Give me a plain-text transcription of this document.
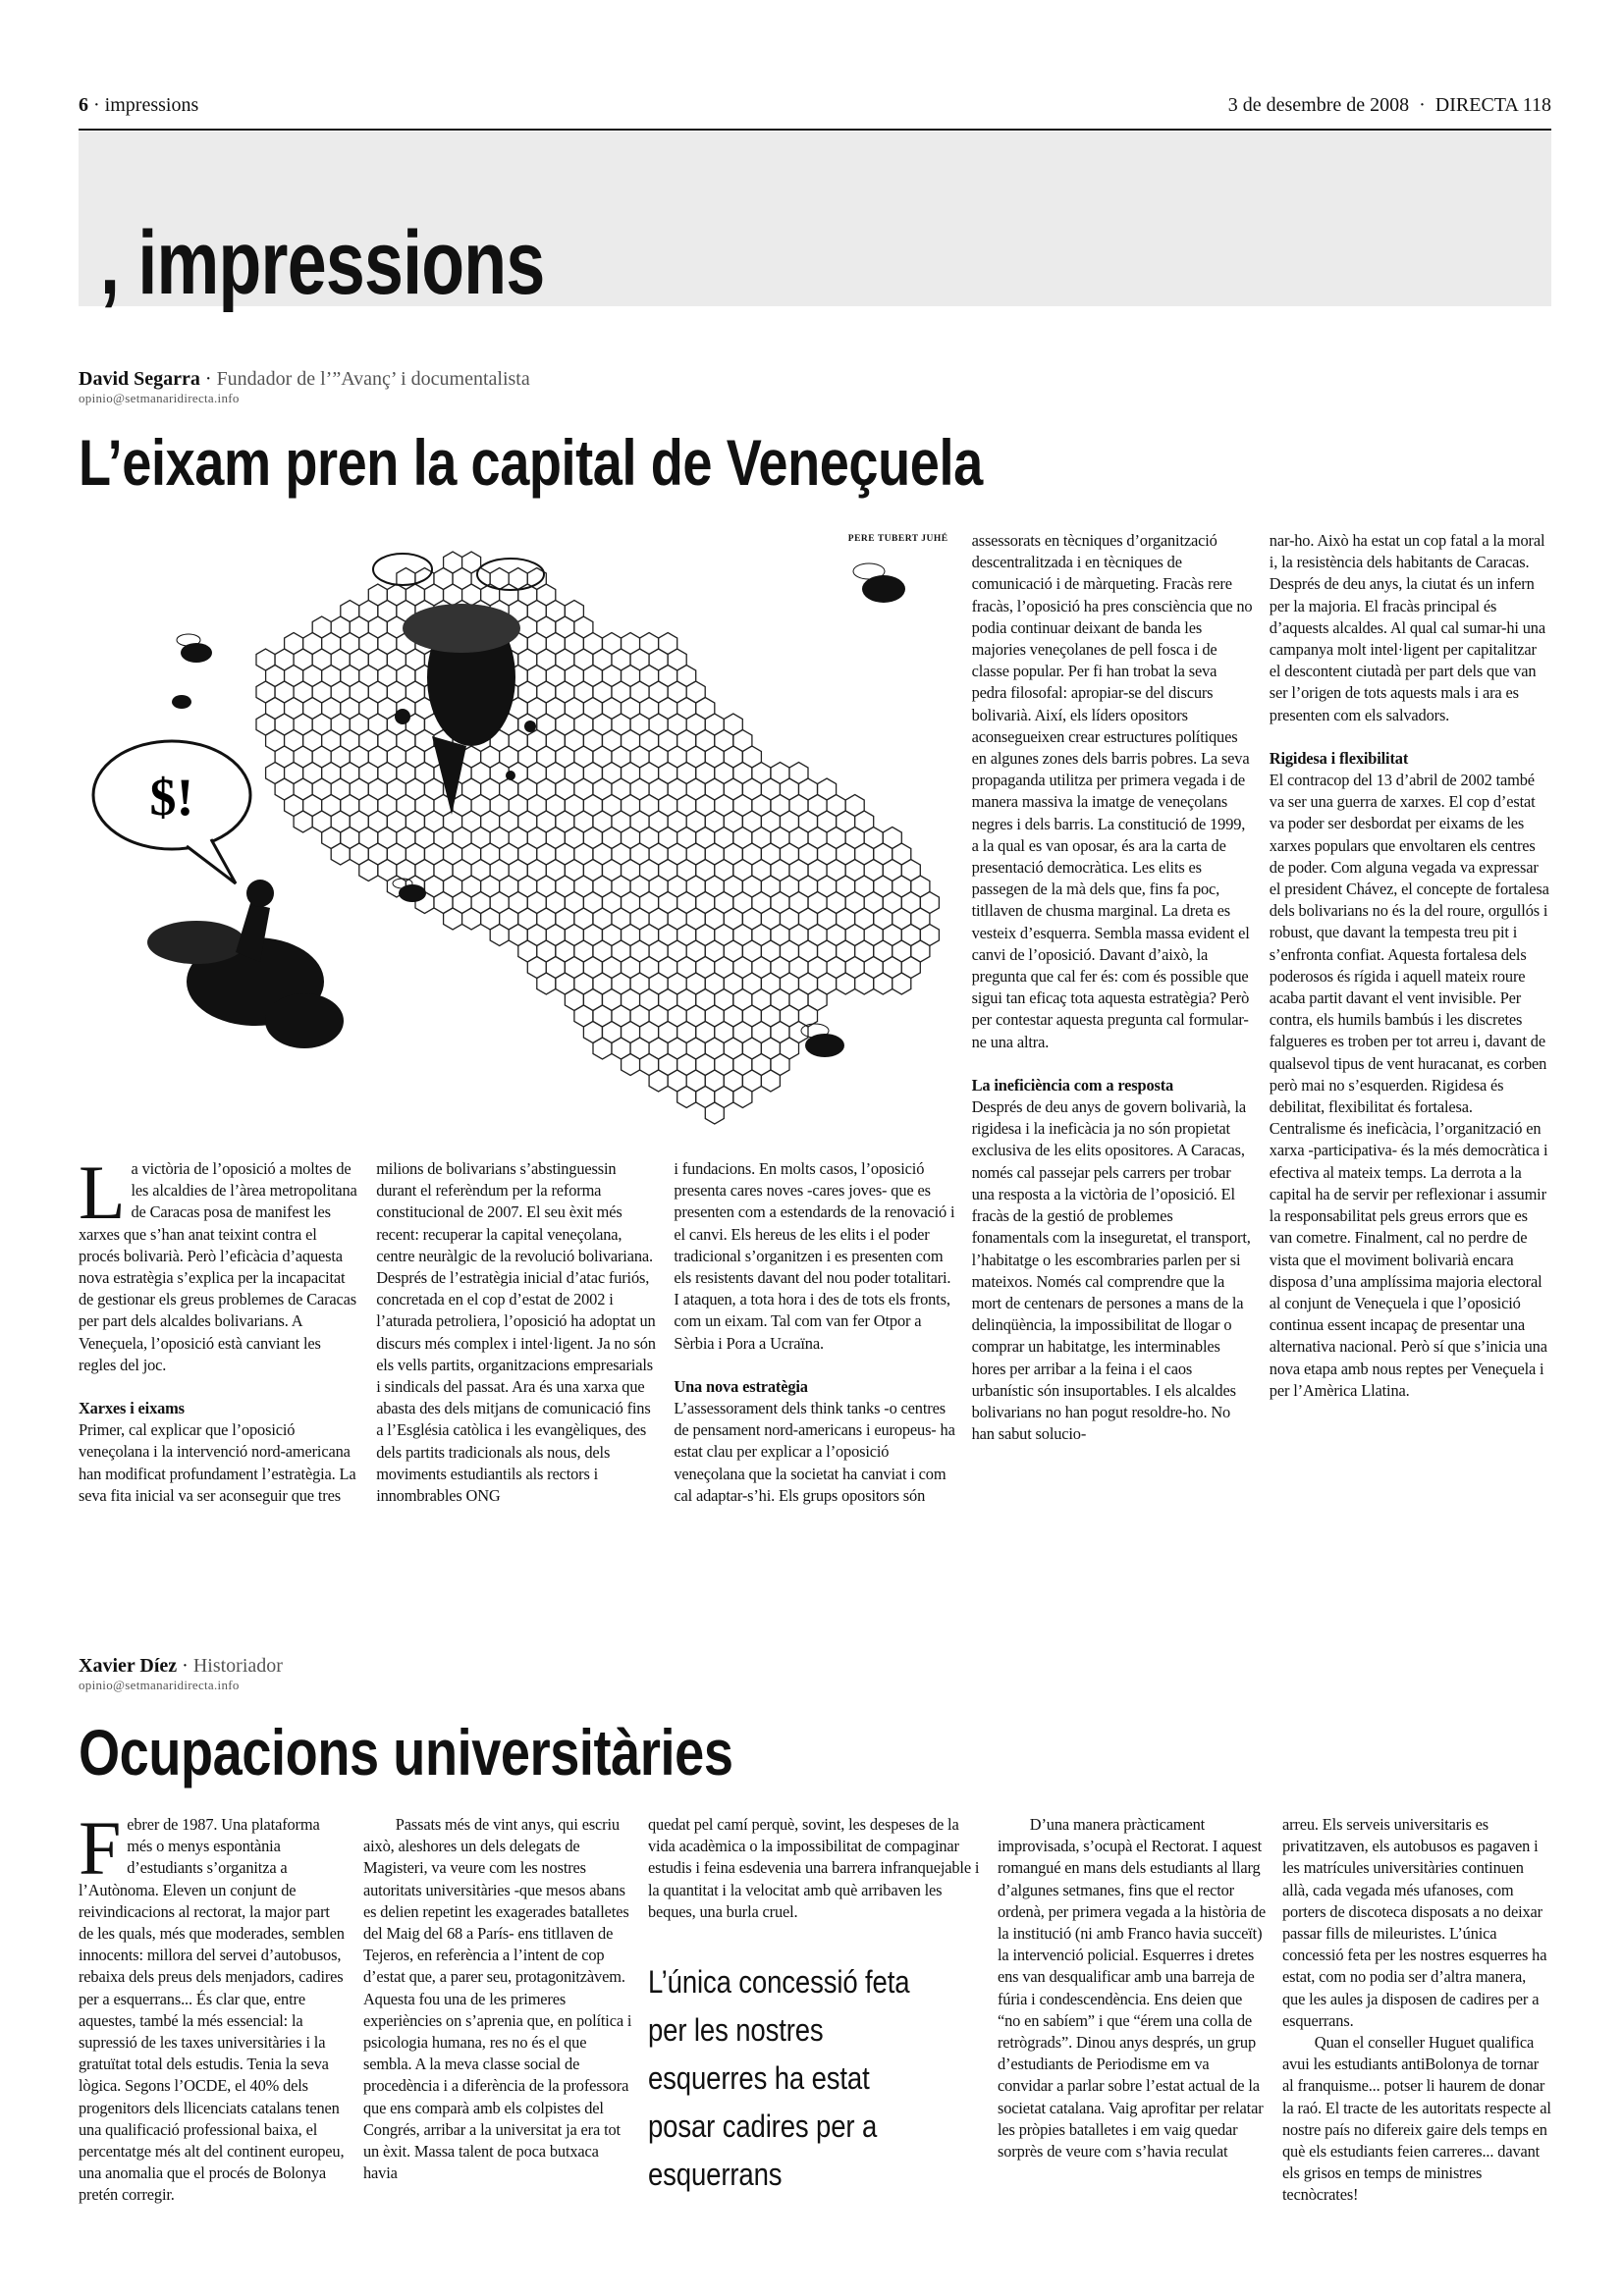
6 · impressions	3 de desembre de 2008 · DIRECTA 118
, impressions
David Segarra · Fundador de l’”Avanç’ i documentalista
opinio@setmanaridirecta.info
L’eixam pren la capital de Veneçuela
$!
PERE TUBERT JUHÉ

La victòria de l’oposició a moltes de les alcaldies de l’àrea metropolitana de Caracas posa de manifest les xarxes que s’han anat teixint contra el procés bolivarià. Però l’eficàcia d’aquesta nova estratègia s’explica per la incapacitat de gestionar els greus problemes de Caracas per part dels alcaldes bolivarians. A Veneçuela, l’oposició està canviant les regles del joc.

Xarxes i eixams

Primer, cal explicar que l’oposició veneçolana i la intervenció nord-americana han modificat profundament l’estratègia. La seva fita inicial va ser aconseguir que tres

milions de bolivarians s’abstinguessin durant el referèndum per la reforma constitucional de 2007. El seu èxit més recent: recuperar la capital veneçolana, centre neuràlgic de la revolució bolivariana. Després de l’estratègia inicial d’atac furiós, concretada en el cop d’estat de 2002 i l’aturada petroliera, l’oposició ha adoptat un discurs més complex i intel·ligent. Ja no són els vells partits, organitzacions empresarials i sindicals del passat. Ara és una xarxa que abasta des dels mitjans de comunicació fins a l’Església catòlica i les evangèliques, des dels partits tradicionals als nous, dels moviments estudiantils als rectors i innombrables ONG

i fundacions. En molts casos, l’oposició presenta cares noves -cares joves- que es presenten com a estendards de la renovació i el canvi. Els hereus de les elits i el poder tradicional s’organitzen i es presenten com els resistents davant del nou poder totalitari. I ataquen, a tota hora i des de tots els fronts, com un eixam. Tal com van fer Otpor a Sèrbia i Pora a Ucraïna.

Una nova estratègia

L’assessorament dels think tanks -o centres de pensament nord-americans i europeus- ha estat clau per explicar a l’oposició veneçolana que la societat ha canviat i com cal adaptar-s’hi. Els grups opositors són

assessorats en tècniques d’organització descentralitzada i en tècniques de comunicació i de màrqueting. Fracàs rere fracàs, l’oposició ha pres consciència que no podia continuar deixant de banda les majories veneçolanes de pell fosca i de classe popular. Per fi han trobat la seva pedra filosofal: apropiar-se del discurs bolivarià. Així, els líders opositors aconsegueixen crear estructures polítiques en algunes zones dels barris pobres. La seva propaganda utilitza per primera vegada i de manera massiva la imatge de veneçolans negres i dels barris. La constitució de 1999, a la qual es van oposar, és ara la carta de presentació democràtica. Les elits es passegen de la mà dels que, fins fa poc, titllaven de chusma marginal. La dreta es vesteix d’esquerra. Sembla massa evident el canvi de l’oposició. Davant d’això, la pregunta que cal fer és: com és possible que sigui tan eficaç tota aquesta estratègia? Però per contestar aquesta pregunta cal formular-ne una altra.

La ineficiència com a resposta

Després de deu anys de govern bolivarià, la rigidesa i la ineficàcia ja no són propietat exclusiva de les elits opositores. A Caracas, només cal passejar pels carrers per trobar una resposta a la victòria de l’oposició. El fracàs de la gestió de problemes fonamentals com la inseguretat, el transport, l’habitatge o les escombraries parlen per si mateixos. Només cal comprendre que la mort de centenars de persones a mans de la delinqüència, la impossibilitat de llogar o comprar un habitatge, les interminables hores per arribar a la feina i el caos urbanístic són insuportables. I els alcaldes bolivarians no han pogut resoldre-ho. No han sabut solucio-

nar-ho. Això ha estat un cop fatal a la moral i, la resistència dels habitants de Caracas. Després de deu anys, la ciutat és un infern per la majoria. El fracàs principal és d’aquests alcaldes. Al qual cal sumar-hi una campanya molt intel·ligent per capitalitzar el descontent ciutadà per part dels que van ser l’origen de tots aquests mals i ara es presenten com els salvadors.

Rigidesa i flexibilitat

El contracop del 13 d’abril de 2002 també va ser una guerra de xarxes. El cop d’estat va poder ser desbordat per eixams de les xarxes populars que envoltaren els centres de poder. Com alguna vegada va expressar el president Chávez, el concepte de fortalesa dels bolivarians no és la del roure, orgullós i robust, que davant la tempesta treu pit i s’enfronta confiat. Aquesta fortalesa dels poderosos és rígida i aquell mateix roure acaba partit davant el vent invisible. Per contra, els humils bambús i les discretes falgueres es troben per tot arreu i, davant de qualsevol tipus de vent huracanat, es corben però mai no s’esquerden. Rigidesa és debilitat, flexibilitat és fortalesa. Centralisme és ineficàcia, l’organització en xarxa -participativa- és la més democràtica i efectiva al mateix temps. La derrota a la capital ha de servir per reflexionar i assumir la responsabilitat pels greus errors que es van cometre. Finalment, cal no perdre de vista que el moviment bolivarià encara disposa d’una amplíssima majoria electoral al conjunt de Veneçuela i que l’oposició continua essent incapaç de presentar una alternativa nacional. Però sí que s’inicia una nova etapa amb nous reptes per Veneçuela i per l’Amèrica Llatina.

Xavier Díez · Historiador
opinio@setmanaridirecta.info
Ocupacions universitàries

Febrer de 1987. Una plataforma més o menys espontània d’estudiants s’organitza a l’Autònoma. Eleven un conjunt de reivindicacions al rectorat, la major part de les quals, més que moderades, semblen innocents: millora del servei d’autobusos, rebaixa dels preus dels menjadors, cadires per a esquerrans... És clar que, entre aquestes, també la més essencial: la supressió de les taxes universitàries i la gratuïtat total dels estudis. Tenia la seva lògica. Segons l’OCDE, el 40% dels progenitors dels llicenciats catalans tenen una qualificació professional baixa, el percentatge més alt del continent europeu, una anomalia que el procés de Bolonya pretén corregir.

Passats més de vint anys, qui escriu això, aleshores un dels delegats de Magisteri, va veure com les nostres autoritats universitàries -que mesos abans es delien repetint les exagerades batalletes del Maig del 68 a París- ens titllaven de Tejeros, en referència a l’intent de cop d’estat que, a parer seu, protagonitzàvem. Aquesta fou una de les primeres experiències on s’aprenia que, en política i psicologia humana, res no és el que sembla. A la meva classe social de procedència i a diferència de la professora que ens comparà amb els colpistes del Congrés, arribar a la universitat ja era tot un èxit. Massa talent de poca butxaca havia

quedat pel camí perquè, sovint, les despeses de la vida acadèmica o la impossibilitat de compaginar estudis i feina esdevenia una barrera infranquejable i la quantitat i la velocitat amb què arribaven les beques, una burla cruel.

L’única concessió feta per les nostres esquerres ha estat posar cadires per a esquerrans

D’una manera pràcticament improvisada, s’ocupà el Rectorat. I aquest romangué en mans dels estudiants al llarg d’algunes setmanes, fins que el rector ordenà, per primera vegada a la història de la institució (ni amb Franco havia succeït) la intervenció policial. Esquerres i dretes ens van desqualificar amb una barreja de fúria i condescendència. Ens deien que “no en sabíem” i que “érem una colla de retrògrads”. Dinou anys després, un grup d’estudiants de Periodisme em va convidar a parlar sobre l’estat actual de la societat catalana. Vaig aprofitar per relatar les pròpies batalletes i em vaig quedar sorprès de veure com s’havia reculat

arreu. Els serveis universitaris es privatitzaven, els autobusos es pagaven i les matrícules universitàries continuen allà, cada vegada més ufanoses, com porters de discoteca disposats a no deixar passar fills de mileuristes. L’única concessió feta per les nostres esquerres ha estat, com no podia ser d’altra manera, que les aules ja disposen de cadires per a esquerrans.

Quan el conseller Huguet qualifica avui les estudiants antiBolonya de tornar al franquisme... potser li haurem de donar la raó. El tracte de les autoritats respecte al nostre país no difereix gaire dels temps en què els estudiants feien carreres... davant els grisos en temps de ministres tecnòcrates!
